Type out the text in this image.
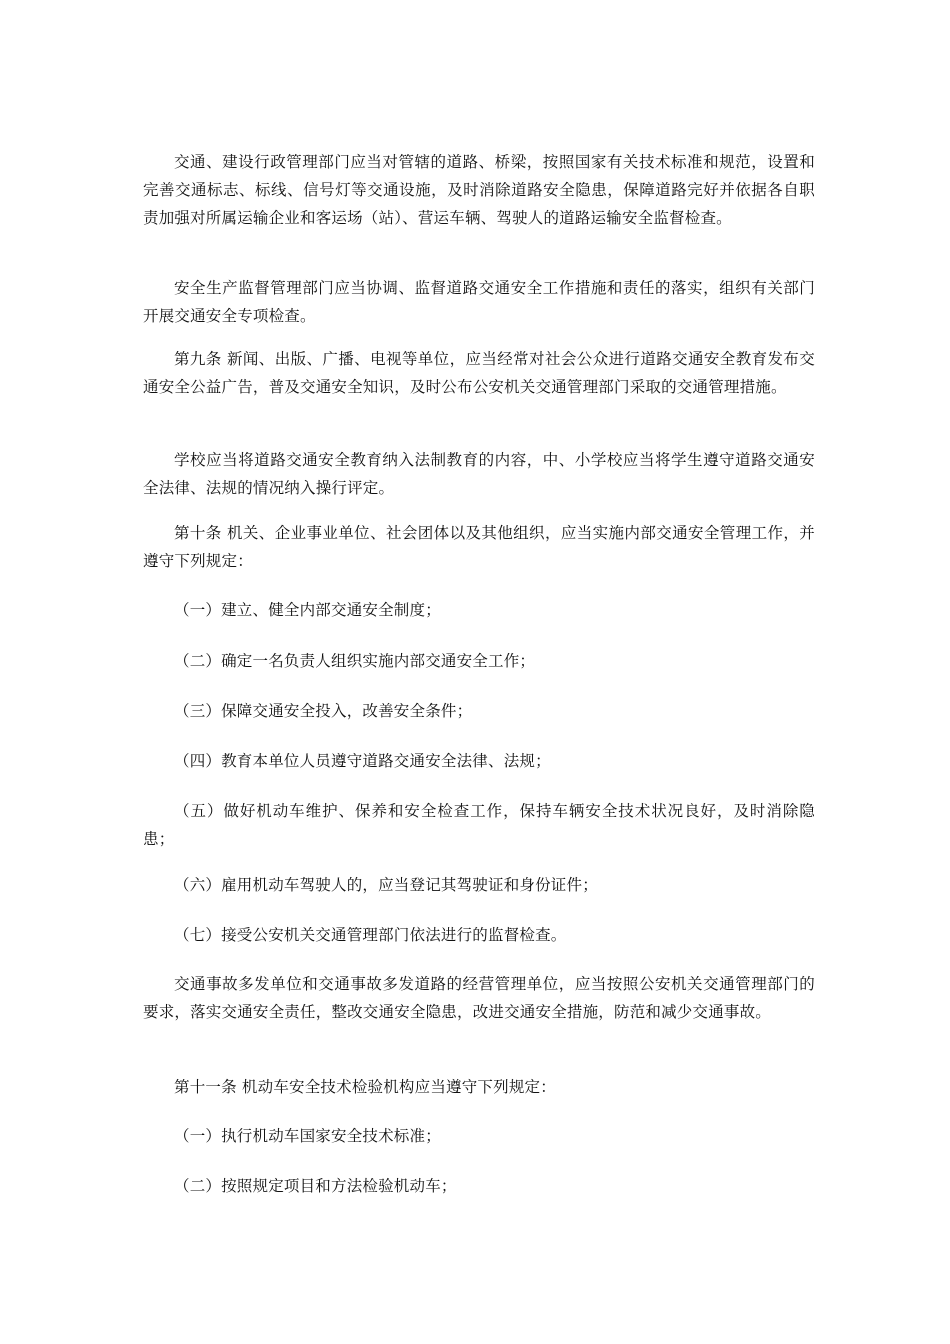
交通、建设行政管理部门应当对管辖的道路、桥梁，按照国家有关技术标准和规范，设置和完善交通标志、标线、信号灯等交通设施，及时消除道路安全隐患，保障道路完好并依据各自职责加强对所属运输企业和客运场（站）、营运车辆、驾驶人的道路运输安全监督检查。

安全生产监督管理部门应当协调、监督道路交通安全工作措施和责任的落实，组织有关部门开展交通安全专项检查。

第九条 新闻、出版、广播、电视等单位，应当经常对社会公众进行道路交通安全教育发布交通安全公益广告，普及交通安全知识，及时公布公安机关交通管理部门采取的交通管理措施。

学校应当将道路交通安全教育纳入法制教育的内容，中、小学校应当将学生遵守道路交通安全法律、法规的情况纳入操行评定。

第十条 机关、企业事业单位、社会团体以及其他组织，应当实施内部交通安全管理工作，并遵守下列规定：

（一）建立、健全内部交通安全制度；

（二）确定一名负责人组织实施内部交通安全工作；

（三）保障交通安全投入，改善安全条件；

（四）教育本单位人员遵守道路交通安全法律、法规；

（五）做好机动车维护、保养和安全检查工作，保持车辆安全技术状况良好，及时消除隐患；

（六）雇用机动车驾驶人的，应当登记其驾驶证和身份证件；

（七）接受公安机关交通管理部门依法进行的监督检查。

交通事故多发单位和交通事故多发道路的经营管理单位，应当按照公安机关交通管理部门的要求，落实交通安全责任，整改交通安全隐患，改进交通安全措施，防范和减少交通事故。

第十一条 机动车安全技术检验机构应当遵守下列规定：

（一）执行机动车国家安全技术标准；

（二）按照规定项目和方法检验机动车；
